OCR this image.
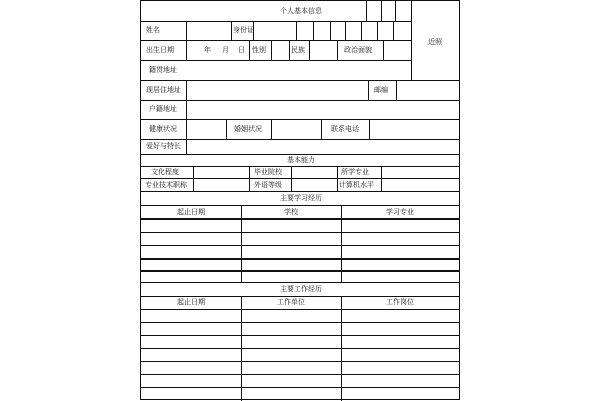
个人基本信息
姓名	身份证
出生日期	年 月 日 性别	民族	政治面貌
近照
籍贯地址
现居住地址	邮编
户籍地址
健康状况	婚姻状况	联系电话
爱好与特长
基本能力
文化程度	毕业院校	所学专业
专业技术职称	外语等级	计算机水平
主要学习经历
起止日期	学校	学习专业
主要工作经历
起止日期	工作单位	工作岗位
